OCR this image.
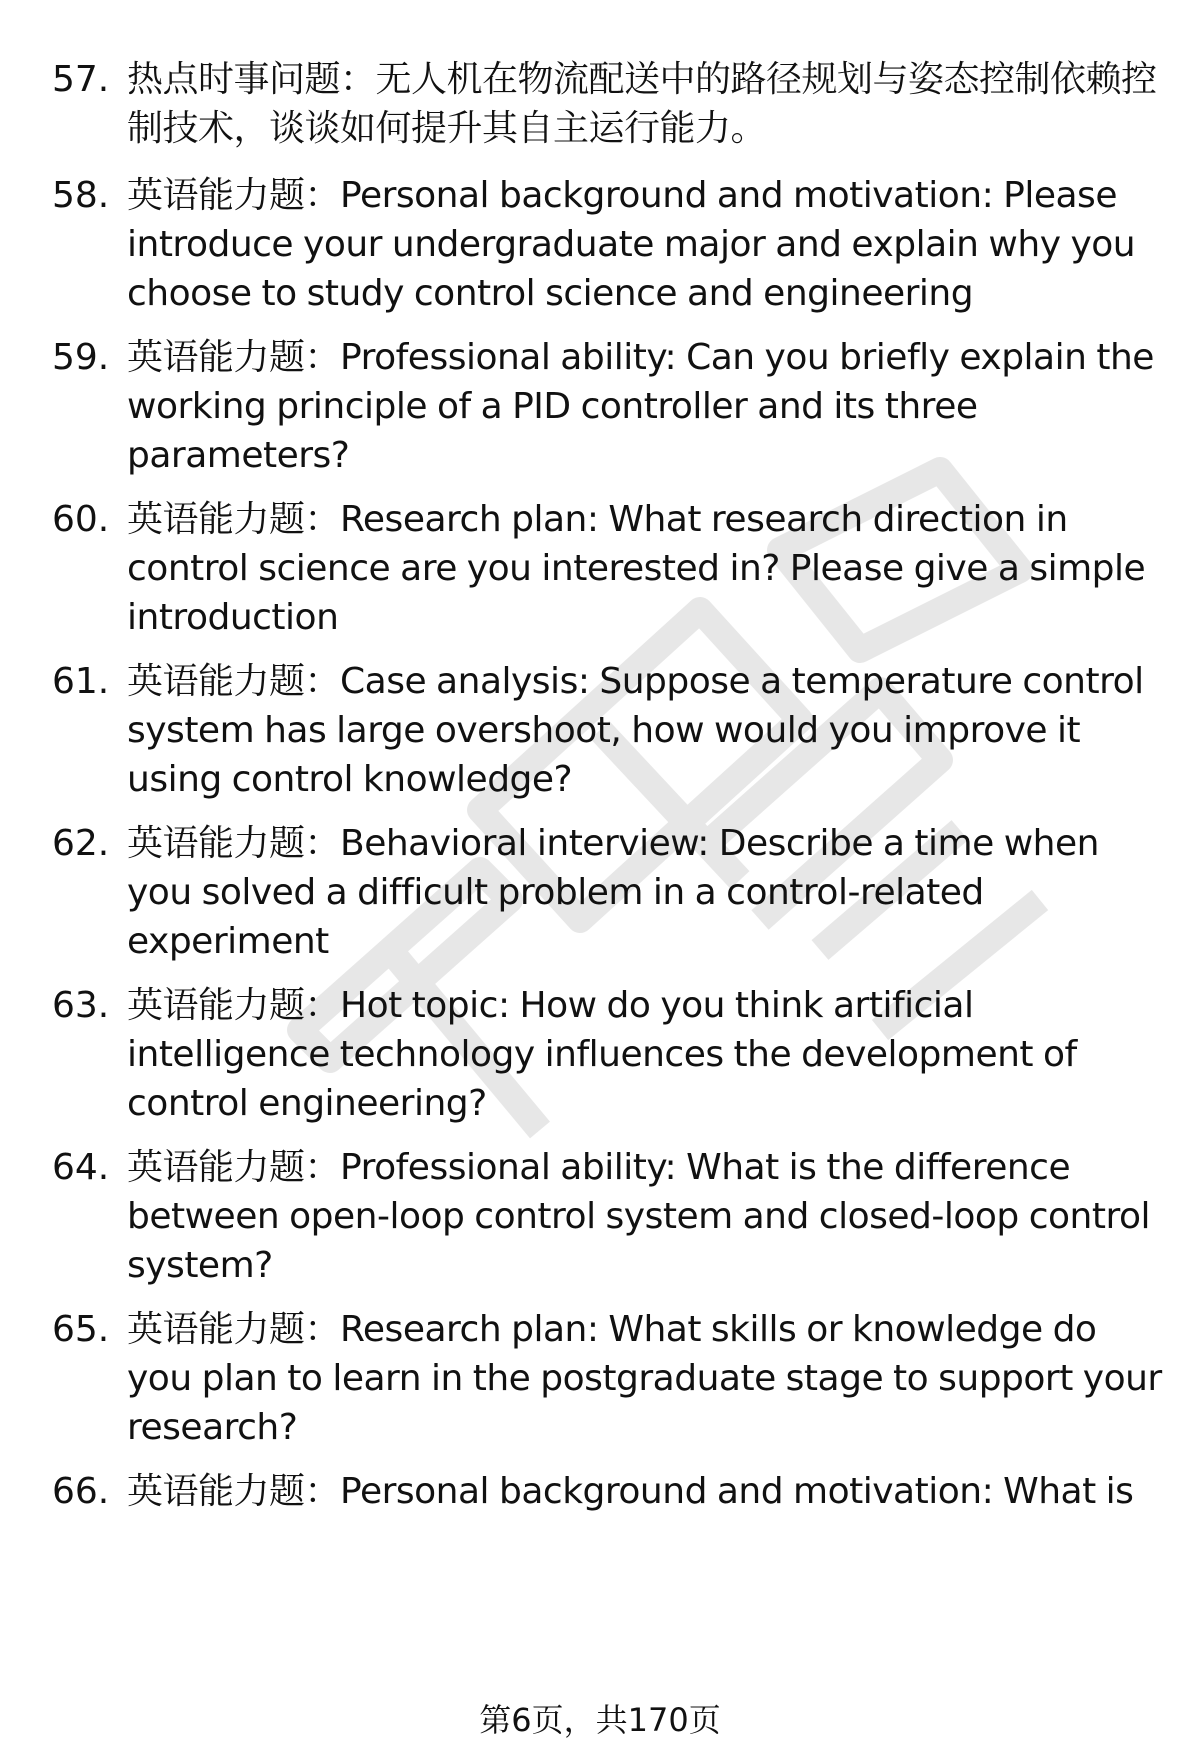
57. 热点时事问题：无人机在物流配送中的路径规划与姿态控制依赖控制技术，谈谈如何提升其自主运行能力。
58. 英语能力题：Personal background and motivation: Please introduce your undergraduate major and explain why you choose to study control science and engineering
59. 英语能力题：Professional ability: Can you briefly explain the working principle of a PID controller and its three parameters?
60. 英语能力题：Research plan: What research direction in control science are you interested in? Please give a simple introduction
61. 英语能力题：Case analysis: Suppose a temperature control system has large overshoot, how would you improve it using control knowledge?
62. 英语能力题：Behavioral interview: Describe a time when you solved a difficult problem in a control-related experiment
63. 英语能力题：Hot topic: How do you think artificial intelligence technology influences the development of control engineering?
64. 英语能力题：Professional ability: What is the difference between open-loop control system and closed-loop control system?
65. 英语能力题：Research plan: What skills or knowledge do you plan to learn in the postgraduate stage to support your research?
66. 英语能力题：Personal background and motivation: What is
第6页，共170页
